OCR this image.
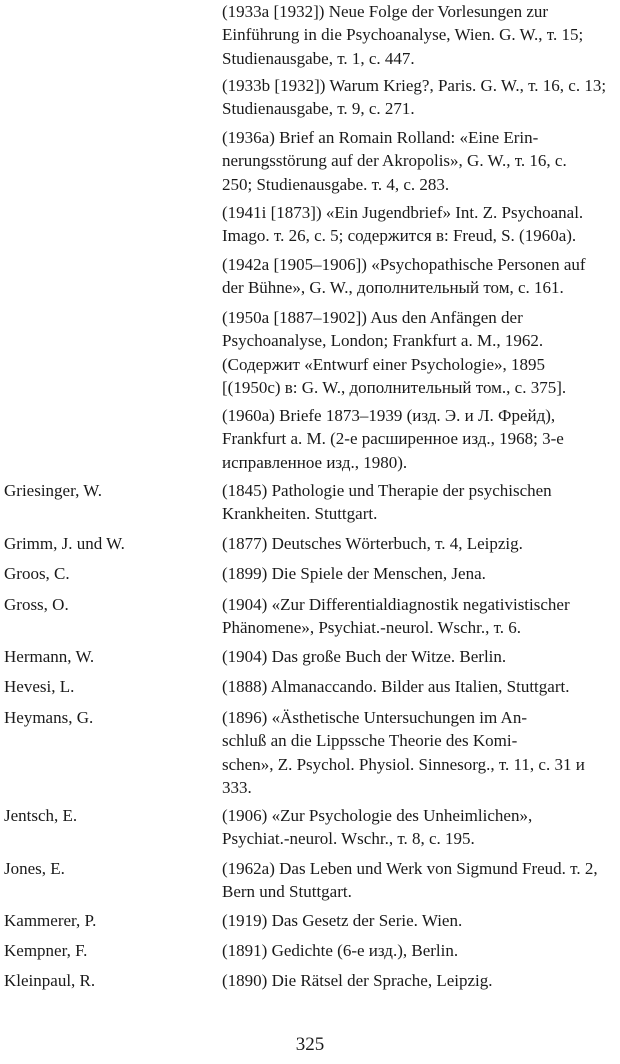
(1933a [1932]) Neue Folge der Vorlesungen zur
Einführung in die Psychoanalyse, Wien. G. W., т. 15;
Studienausgabe, т. 1, с. 447.
(1933b [1932]) Warum Krieg?, Paris. G. W., т. 16, с. 13;
Studienausgabe, т. 9, с. 271.
(1936a) Brief an Romain Rolland: «Eine Erin-
nerungsstörung auf der Akropolis», G. W., т. 16, с.
250; Studienausgabe. т. 4, с. 283.
(1941i [1873]) «Ein Jugendbrief» Int. Z. Psychoanal.
Imago. т. 26, с. 5; содержится в: Freud, S. (1960a).
(1942a [1905–1906]) «Psychopathische Personen auf
der Bühne», G. W., дополнительный том, с. 161.
(1950a [1887–1902]) Aus den Anfängen der
Psychoanalyse, London; Frankfurt a. M., 1962.
(Содержит «Entwurf einer Psychologie», 1895
[(1950c) в: G. W., дополнительный том., с. 375].
(1960a) Briefe 1873–1939 (изд. Э. и Л. Фрейд),
Frankfurt a. M. (2-е расширенное изд., 1968; 3-е
исправленное изд., 1980).
Griesinger, W.	(1845) Pathologie und Therapie der psychischen
Krankheiten. Stuttgart.
Grimm, J. und W.	(1877) Deutsches Wörterbuch, т. 4, Leipzig.
Groos, C.	(1899) Die Spiele der Menschen, Jena.
Gross, O.	(1904) «Zur Differentialdiagnostik negativistischer
Phänomene», Psychiat.-neurol. Wschr., т. 6.
Hermann, W.	(1904) Das große Buch der Witze. Berlin.
Hevesi, L.	(1888) Almanaccando. Bilder aus Italien, Stuttgart.
Heymans, G.	(1896) «Ästhetische Untersuchungen im An-
schluß an die Lippssche Theorie des Komi-
schen», Z. Psychol. Physiol. Sinnesorg., т. 11, с. 31 и
333.
Jentsch, E.	(1906) «Zur Psychologie des Unheimlichen»,
Psychiat.-neurol. Wschr., т. 8, с. 195.
Jones, E.	(1962a) Das Leben und Werk von Sigmund Freud. т. 2,
Bern und Stuttgart.
Kammerer, P.	(1919) Das Gesetz der Serie. Wien.
Kempner, F.	(1891) Gedichte (6-е изд.), Berlin.
Kleinpaul, R.	(1890) Die Rätsel der Sprache, Leipzig.
325
